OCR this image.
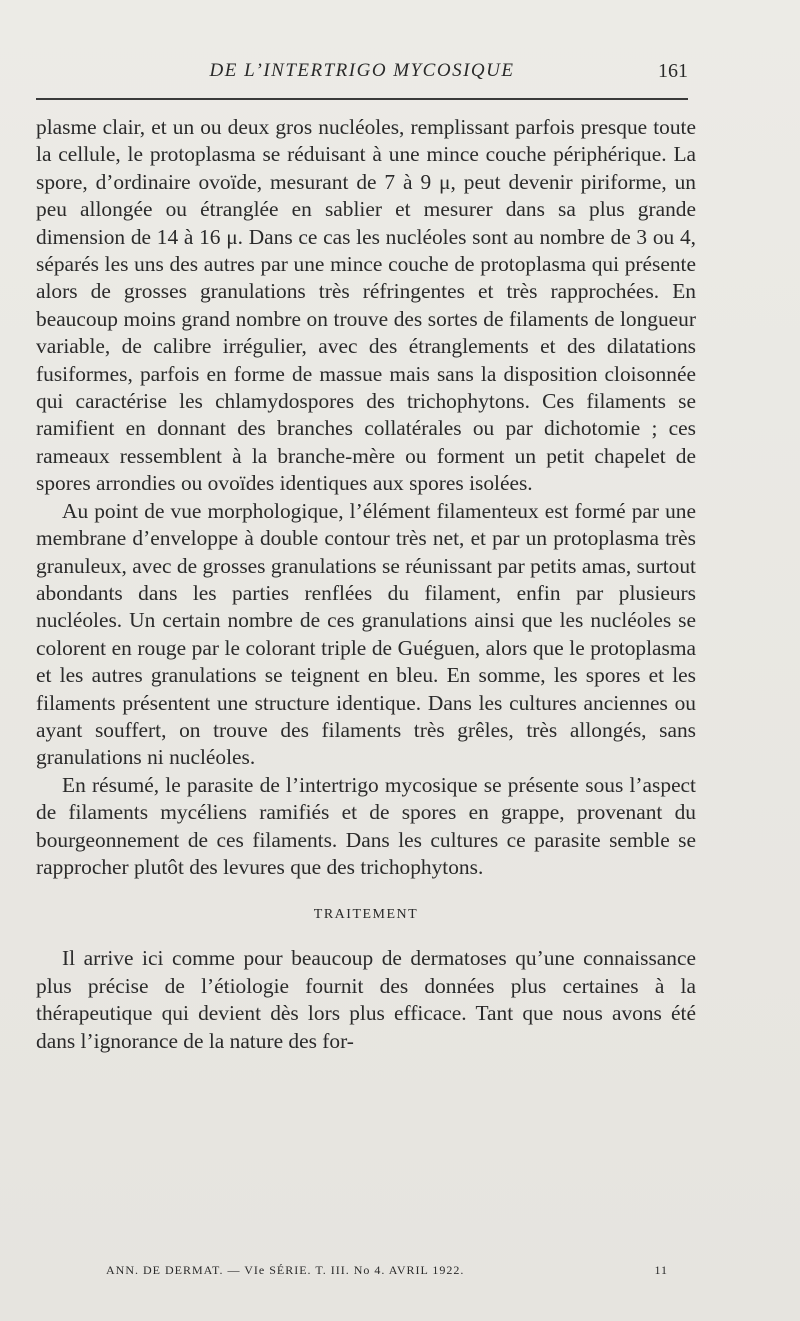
DE L’INTERTRIGO MYCOSIQUE	161

plasme clair, et un ou deux gros nucléoles, remplissant parfois presque toute la cellule, le protoplasma se réduisant à une mince couche périphérique. La spore, d’ordinaire ovoïde, mesurant de 7 à 9 μ, peut devenir piriforme, un peu allongée ou étranglée en sablier et mesurer dans sa plus grande dimension de 14 à 16 μ. Dans ce cas les nucléoles sont au nombre de 3 ou 4, séparés les uns des autres par une mince couche de protoplasma qui présente alors de grosses granulations très réfringentes et très rapprochées. En beaucoup moins grand nombre on trouve des sortes de filaments de longueur variable, de calibre irrégulier, avec des étranglements et des dilatations fusiformes, parfois en forme de massue mais sans la disposition cloisonnée qui caractérise les chlamydospores des trichophytons. Ces filaments se ramifient en donnant des branches collatérales ou par dichotomie ; ces rameaux ressemblent à la branche-mère ou forment un petit chapelet de spores arrondies ou ovoïdes identiques aux spores isolées.

Au point de vue morphologique, l’élément filamenteux est formé par une membrane d’enveloppe à double contour très net, et par un protoplasma très granuleux, avec de grosses granulations se réunissant par petits amas, surtout abondants dans les parties renflées du filament, enfin par plusieurs nucléoles. Un certain nombre de ces granulations ainsi que les nucléoles se colorent en rouge par le colorant triple de Guéguen, alors que le protoplasma et les autres granulations se teignent en bleu. En somme, les spores et les filaments présentent une structure identique. Dans les cultures anciennes ou ayant souffert, on trouve des filaments très grêles, très allongés, sans granulations ni nucléoles.

En résumé, le parasite de l’intertrigo mycosique se présente sous l’aspect de filaments mycéliens ramifiés et de spores en grappe, provenant du bourgeonnement de ces filaments. Dans les cultures ce parasite semble se rapprocher plutôt des levures que des trichophytons.

TRAITEMENT

Il arrive ici comme pour beaucoup de dermatoses qu’une connaissance plus précise de l’étiologie fournit des données plus certaines à la thérapeutique qui devient dès lors plus efficace. Tant que nous avons été dans l’ignorance de la nature des for-

ANN. DE DERMAT. — VIe SÉRIE. T. III. No 4. AVRIL 1922.	11
